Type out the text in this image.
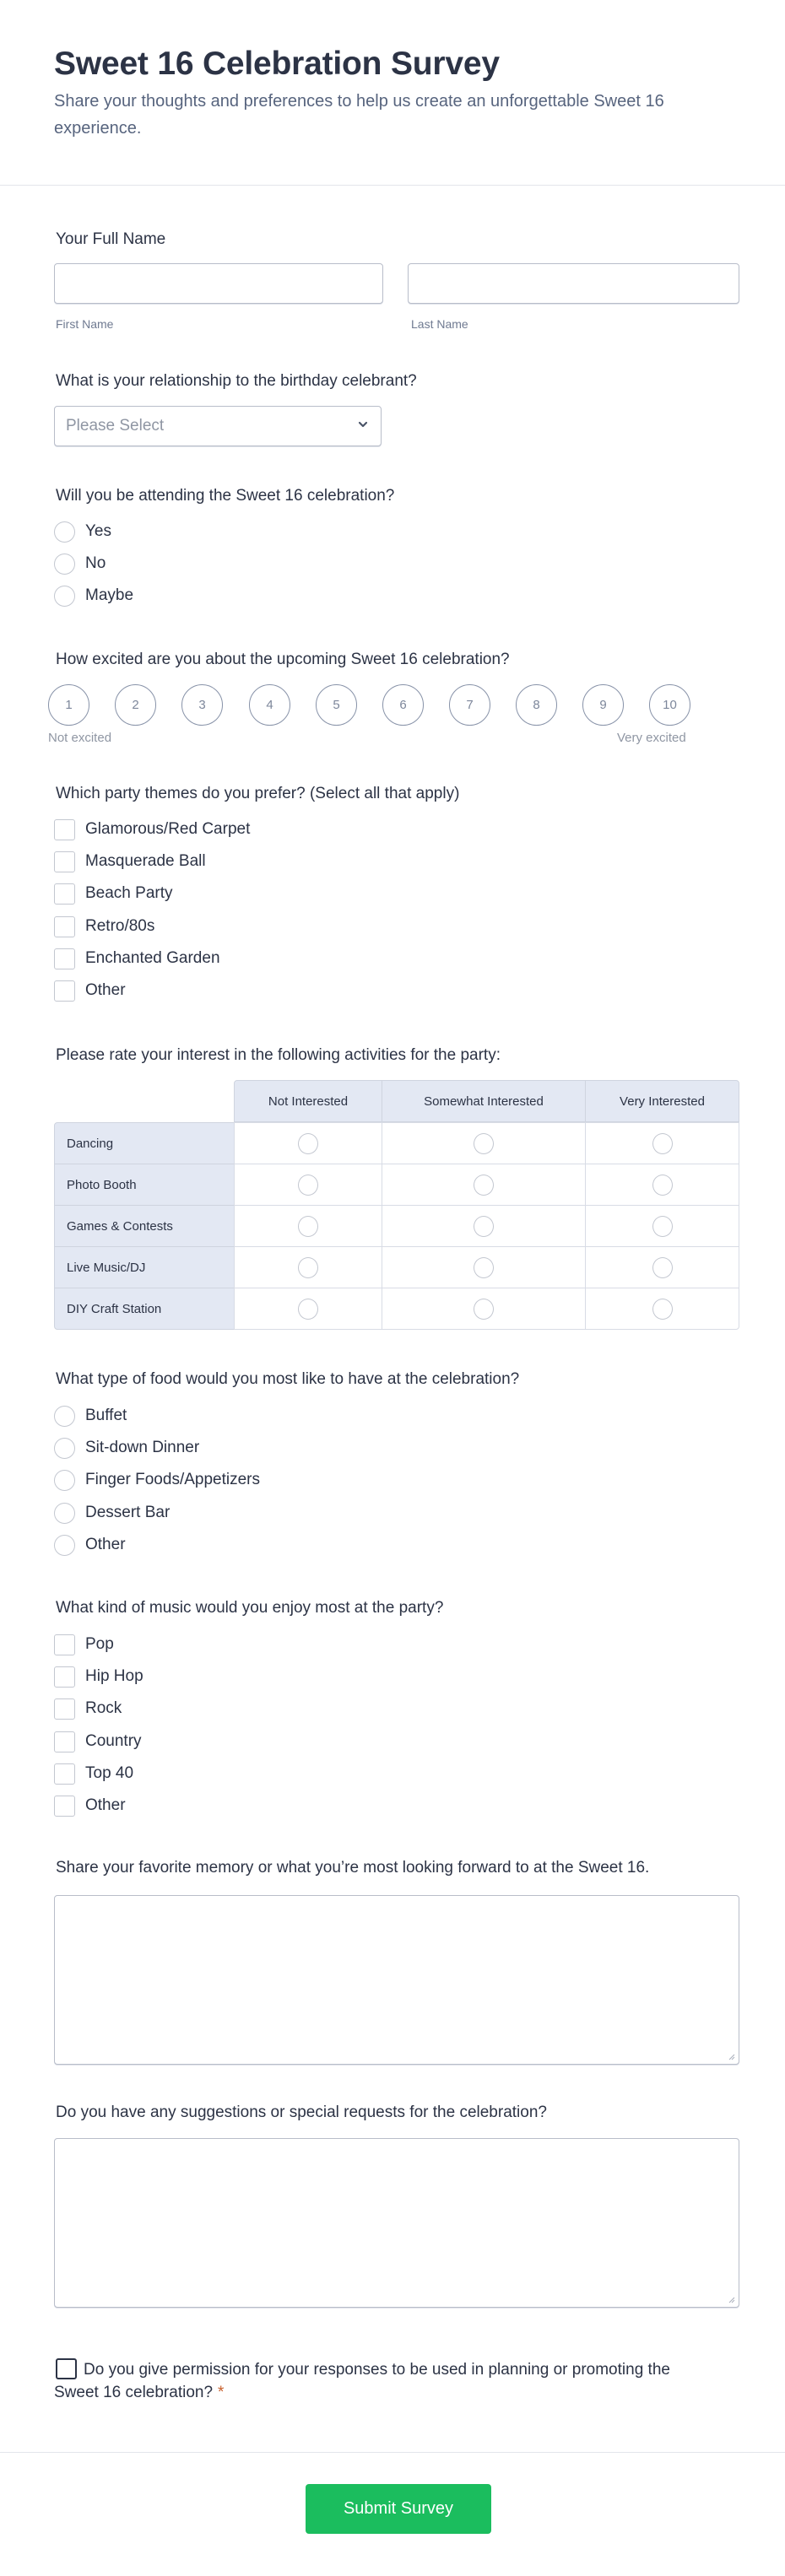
Sweet 16 Celebration Survey

Share your thoughts and preferences to help us create an unforgettable Sweet 16 experience.

Your Full Name
First Name	Last Name
What is your relationship to the birthday celebrant?
Please Select
Will you be attending the Sweet 16 celebration?
Yes
No
Maybe
How excited are you about the upcoming Sweet 16 celebration?
1	2	3	4	5	6	7	8	9	10
Not excited	Very excited
Which party themes do you prefer? (Select all that apply)
Glamorous/Red Carpet
Masquerade Ball
Beach Party
Retro/80s
Enchanted Garden
Other
Please rate your interest in the following activities for the party:
Not Interested	Somewhat Interested	Very Interested
Dancing
Photo Booth
Games & Contests
Live Music/DJ
DIY Craft Station
What type of food would you most like to have at the celebration?
Buffet
Sit-down Dinner
Finger Foods/Appetizers
Dessert Bar
Other
What kind of music would you enjoy most at the party?
Pop
Hip Hop
Rock
Country
Top 40
Other
Share your favorite memory or what you’re most looking forward to at the Sweet 16.
Do you have any suggestions or special requests for the celebration?
Do you give permission for your responses to be used in planning or promoting the Sweet 16 celebration? *
Submit Survey
